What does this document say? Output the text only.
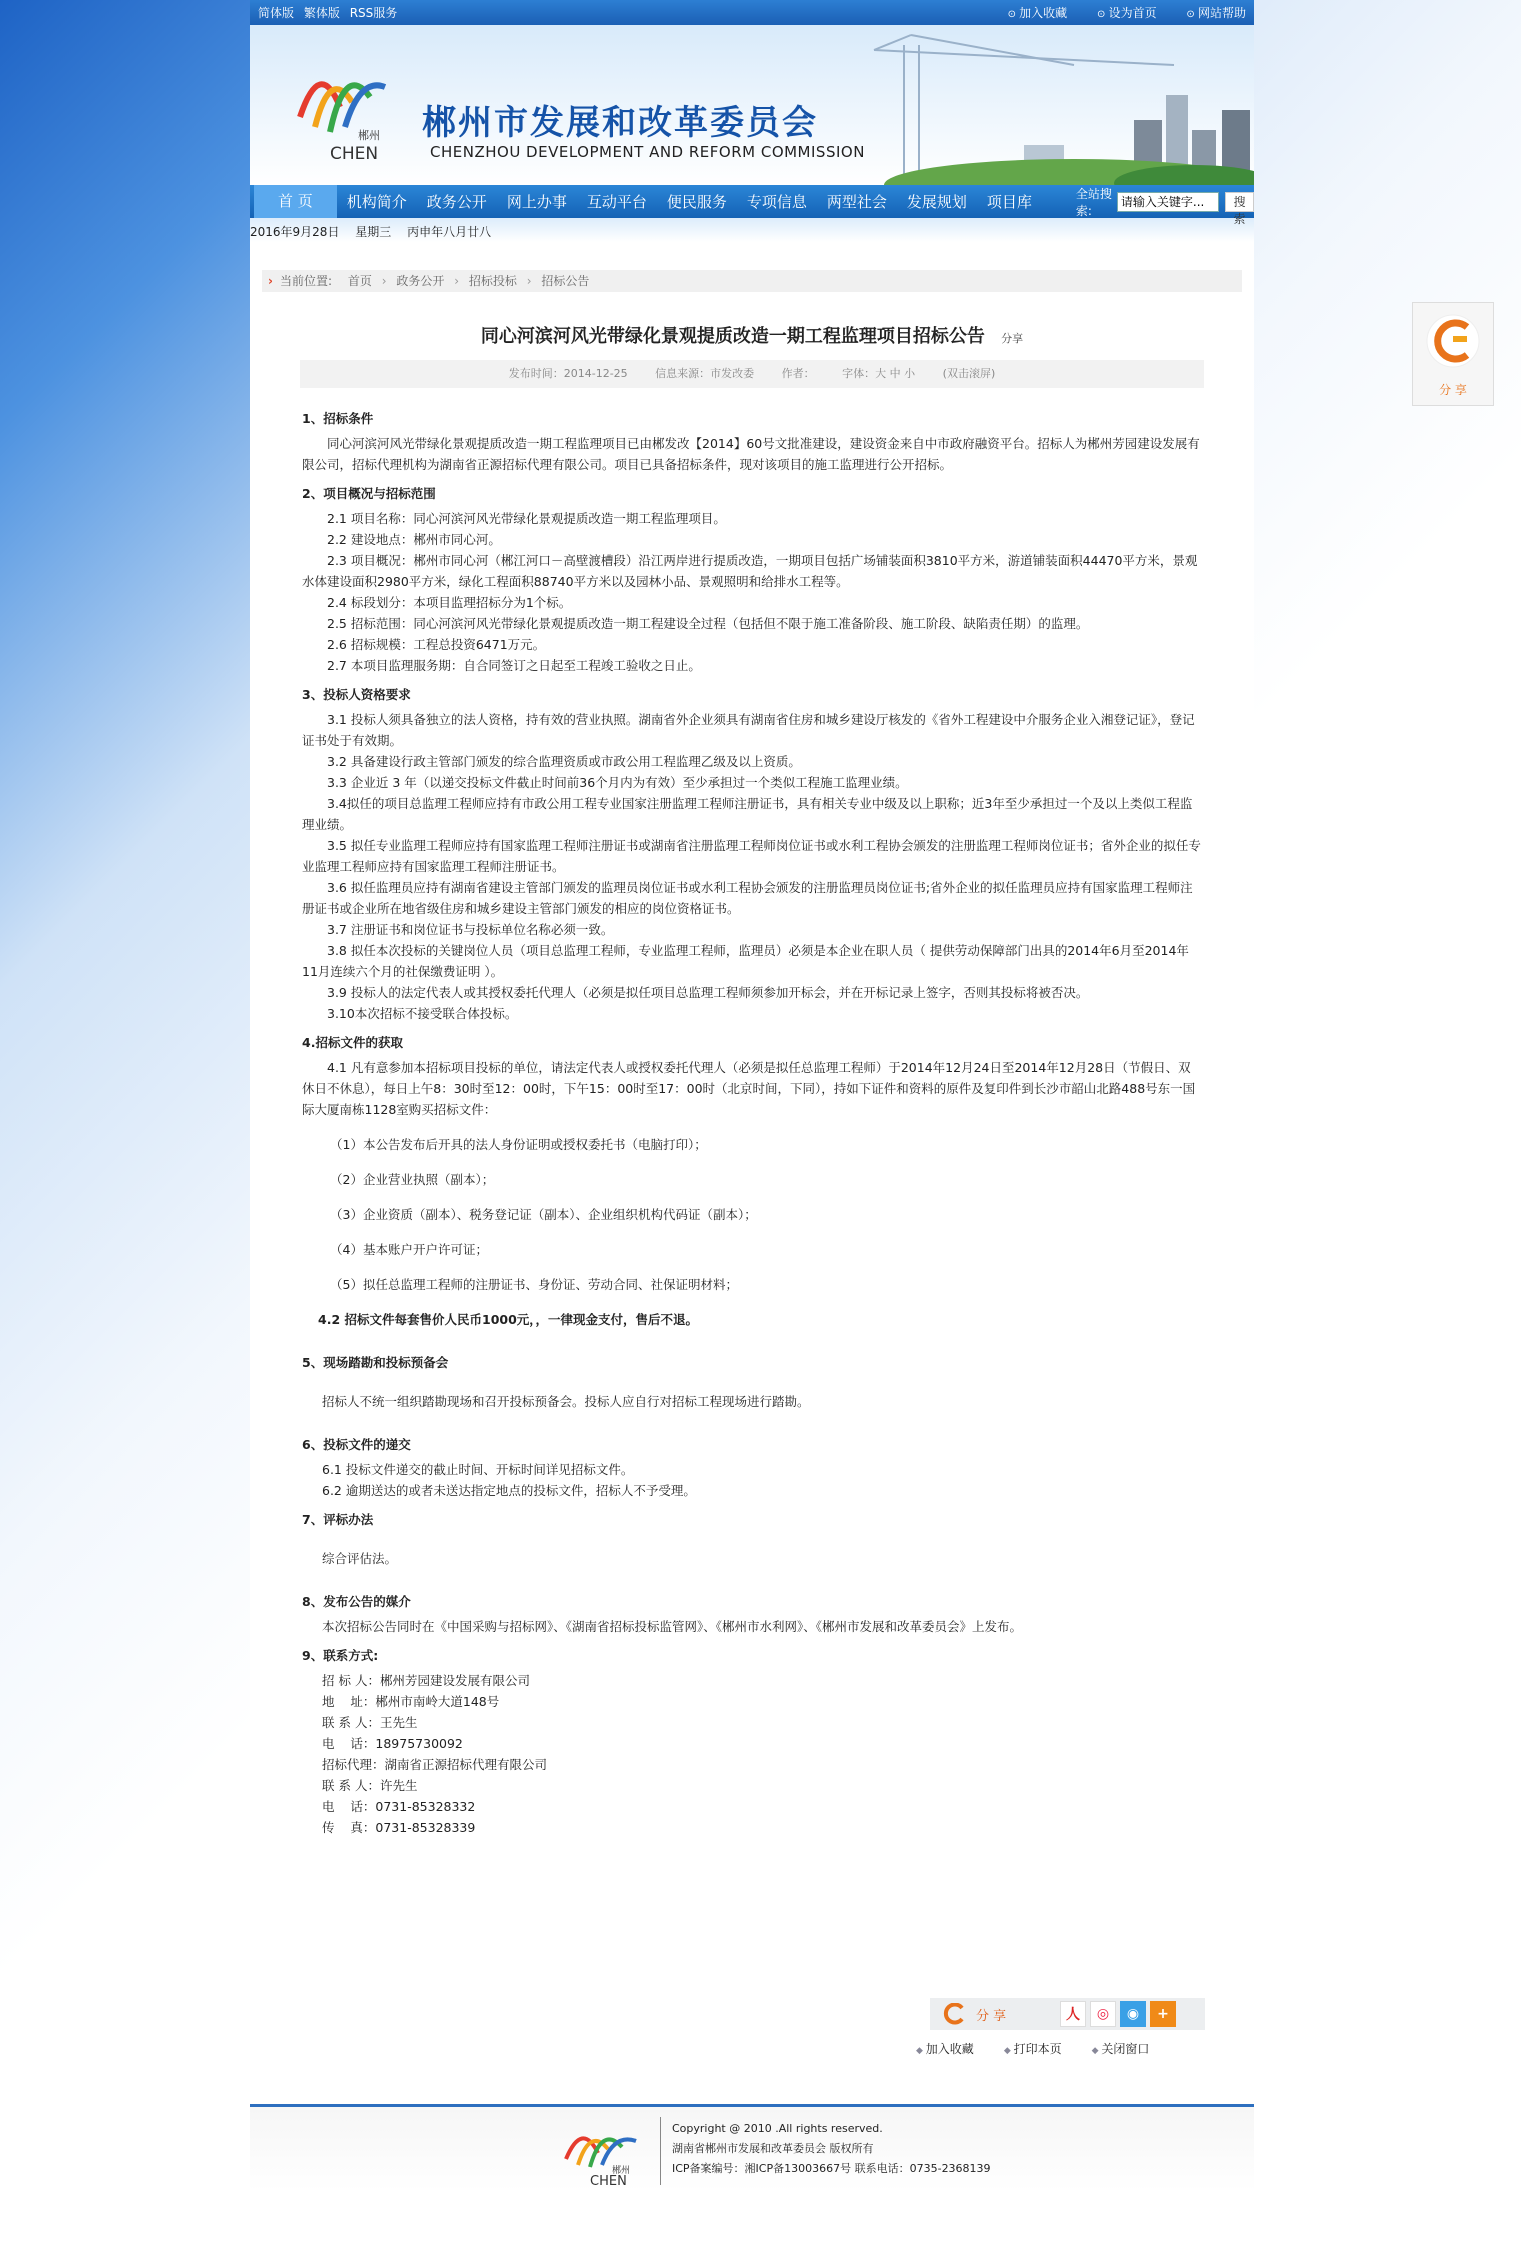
简体版 繁体版 RSS服务	⊙ 加入收藏	⊙ 设为首页	⊙ 网站帮助
郴州
CHEN
郴州市发展和改革委员会
CHENZHOU DEVELOPMENT AND REFORM COMMISSION
首 页	机构简介	政务公开	网上办事	互动平台	便民服务	专项信息	两型社会	发展规划	项目库	全站搜索:
请输入关键字...
搜索
2016年9月28日 星期三 丙申年八月廿八
› 当前位置: 首页 › 政务公开 › 招标投标 › 招标公告
同心河滨河风光带绿化景观提质改造一期工程监理项目招标公告 分享
发布时间：2014-12-25	信息来源：市发改委	作者：	字体：大 中 小	(双击滚屏)
1、招标条件
同心河滨河风光带绿化景观提质改造一期工程监理项目已由郴发改【2014】60号文批准建设，建设资金来自中市政府融资平台。招标人为郴州芳园建设发展有限公司，招标代理机构为湖南省正源招标代理有限公司。项目已具备招标条件，现对该项目的施工监理进行公开招标。
2、项目概况与招标范围
2.1 项目名称：同心河滨河风光带绿化景观提质改造一期工程监理项目。
2.2 建设地点：郴州市同心河。
2.3 项目概况：郴州市同心河（郴江河口－高壁渡槽段）沿江两岸进行提质改造，一期项目包括广场铺装面积3810平方米，游道铺装面积44470平方米，景观水体建设面积2980平方米，绿化工程面积88740平方米以及园林小品、景观照明和给排水工程等。
2.4 标段划分：本项目监理招标分为1个标。
2.5 招标范围：同心河滨河风光带绿化景观提质改造一期工程建设全过程（包括但不限于施工准备阶段、施工阶段、缺陷责任期）的监理。
2.6 招标规模：工程总投资6471万元。
2.7 本项目监理服务期：自合同签订之日起至工程竣工验收之日止。
3、投标人资格要求
3.1 投标人须具备独立的法人资格，持有效的营业执照。湖南省外企业须具有湖南省住房和城乡建设厅核发的《省外工程建设中介服务企业入湘登记证》，登记证书处于有效期。
3.2 具备建设行政主管部门颁发的综合监理资质或市政公用工程监理乙级及以上资质。
3.3 企业近 3 年（以递交投标文件截止时间前36个月内为有效）至少承担过一个类似工程施工监理业绩。
3.4拟任的项目总监理工程师应持有市政公用工程专业国家注册监理工程师注册证书，具有相关专业中级及以上职称；近3年至少承担过一个及以上类似工程监理业绩。
3.5 拟任专业监理工程师应持有国家监理工程师注册证书或湖南省注册监理工程师岗位证书或水利工程协会颁发的注册监理工程师岗位证书；省外企业的拟任专业监理工程师应持有国家监理工程师注册证书。
3.6 拟任监理员应持有湖南省建设主管部门颁发的监理员岗位证书或水利工程协会颁发的注册监理员岗位证书;省外企业的拟任监理员应持有国家监理工程师注册证书或企业所在地省级住房和城乡建设主管部门颁发的相应的岗位资格证书。
3.7 注册证书和岗位证书与投标单位名称必须一致。
3.8 拟任本次投标的关键岗位人员（项目总监理工程师，专业监理工程师，监理员）必须是本企业在职人员（ 提供劳动保障部门出具的2014年6月至2014年11月连续六个月的社保缴费证明 ）。
3.9 投标人的法定代表人或其授权委托代理人（必须是拟任项目总监理工程师须参加开标会，并在开标记录上签字，否则其投标将被否决。
3.10本次招标不接受联合体投标。
4.招标文件的获取
4.1 凡有意参加本招标项目投标的单位，请法定代表人或授权委托代理人（必须是拟任总监理工程师）于2014年12月24日至2014年12月28日（节假日、双休日不休息），每日上午8：30时至12：00时，下午15：00时至17：00时（北京时间，下同），持如下证件和资料的原件及复印件到长沙市韶山北路488号东一国际大厦南栋1128室购买招标文件：
（1）本公告发布后开具的法人身份证明或授权委托书（电脑打印）；
（2）企业营业执照（副本）；
（3）企业资质（副本）、税务登记证（副本）、企业组织机构代码证（副本）；
（4）基本账户开户许可证；
（5）拟任总监理工程师的注册证书、身份证、劳动合同、社保证明材料；
4.2 招标文件每套售价人民币1000元，，一律现金支付，售后不退。
5、现场踏勘和投标预备会
招标人不统一组织踏勘现场和召开投标预备会。投标人应自行对招标工程现场进行踏勘。
6、投标文件的递交
6.1 投标文件递交的截止时间、开标时间详见招标文件。
6.2 逾期送达的或者未送达指定地点的投标文件，招标人不予受理。
7、评标办法
综合评估法。
8、发布公告的媒介
本次招标公告同时在《中国采购与招标网》、《湖南省招标投标监管网》、《郴州市水利网》、《郴州市发展和改革委员会》上发布。
9、联系方式:
招 标 人：郴州芳园建设发展有限公司
地    址：郴州市南岭大道148号
联 系 人：王先生
电    话：18975730092
招标代理：湖南省正源招标代理有限公司
联 系 人：许先生
电    话：0731-85328332
传    真：0731-85328339
分 享	人	◎	◉	+
◆ 加入收藏	◆ 打印本页	◆ 关闭窗口
郴州
CHEN
Copyright @ 2010 .All rights reserved.
湖南省郴州市发展和改革委员会 版权所有
ICP备案编号：湘ICP备13003667号 联系电话：0735-2368139
分 享
